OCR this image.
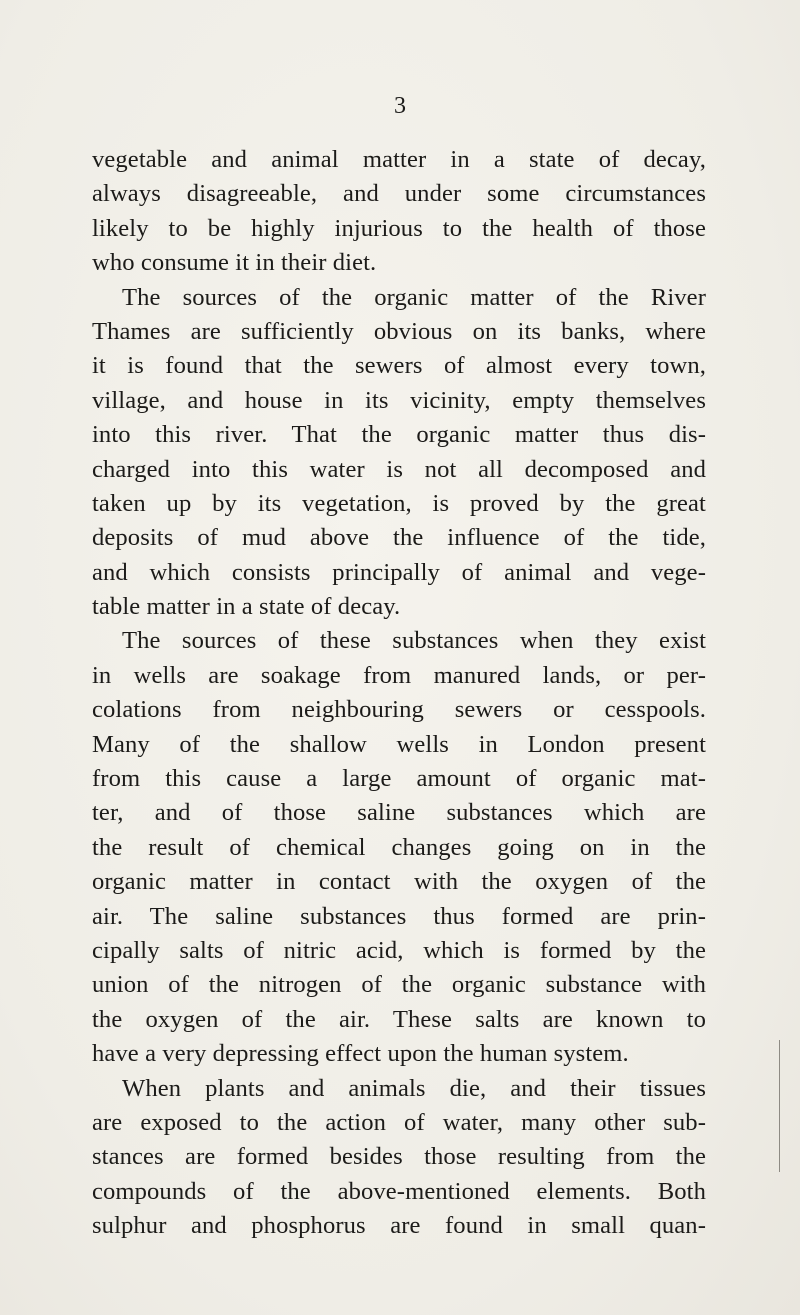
3
vegetable and animal matter in a state of decay,
always disagreeable, and under some circumstances
likely to be highly injurious to the health of those
who consume it in their diet.
The sources of the organic matter of the River
Thames are sufficiently obvious on its banks, where
it is found that the sewers of almost every town,
village, and house in its vicinity, empty themselves
into this river. That the organic matter thus dis-
charged into this water is not all decomposed and
taken up by its vegetation, is proved by the great
deposits of mud above the influence of the tide,
and which consists principally of animal and vege-
table matter in a state of decay.
The sources of these substances when they exist
in wells are soakage from manured lands, or per-
colations from neighbouring sewers or cesspools.
Many of the shallow wells in London present
from this cause a large amount of organic mat-
ter, and of those saline substances which are
the result of chemical changes going on in the
organic matter in contact with the oxygen of the
air. The saline substances thus formed are prin-
cipally salts of nitric acid, which is formed by the
union of the nitrogen of the organic substance with
the oxygen of the air. These salts are known to
have a very depressing effect upon the human system.
When plants and animals die, and their tissues
are exposed to the action of water, many other sub-
stances are formed besides those resulting from the
compounds of the above-mentioned elements. Both
sulphur and phosphorus are found in small quan-
